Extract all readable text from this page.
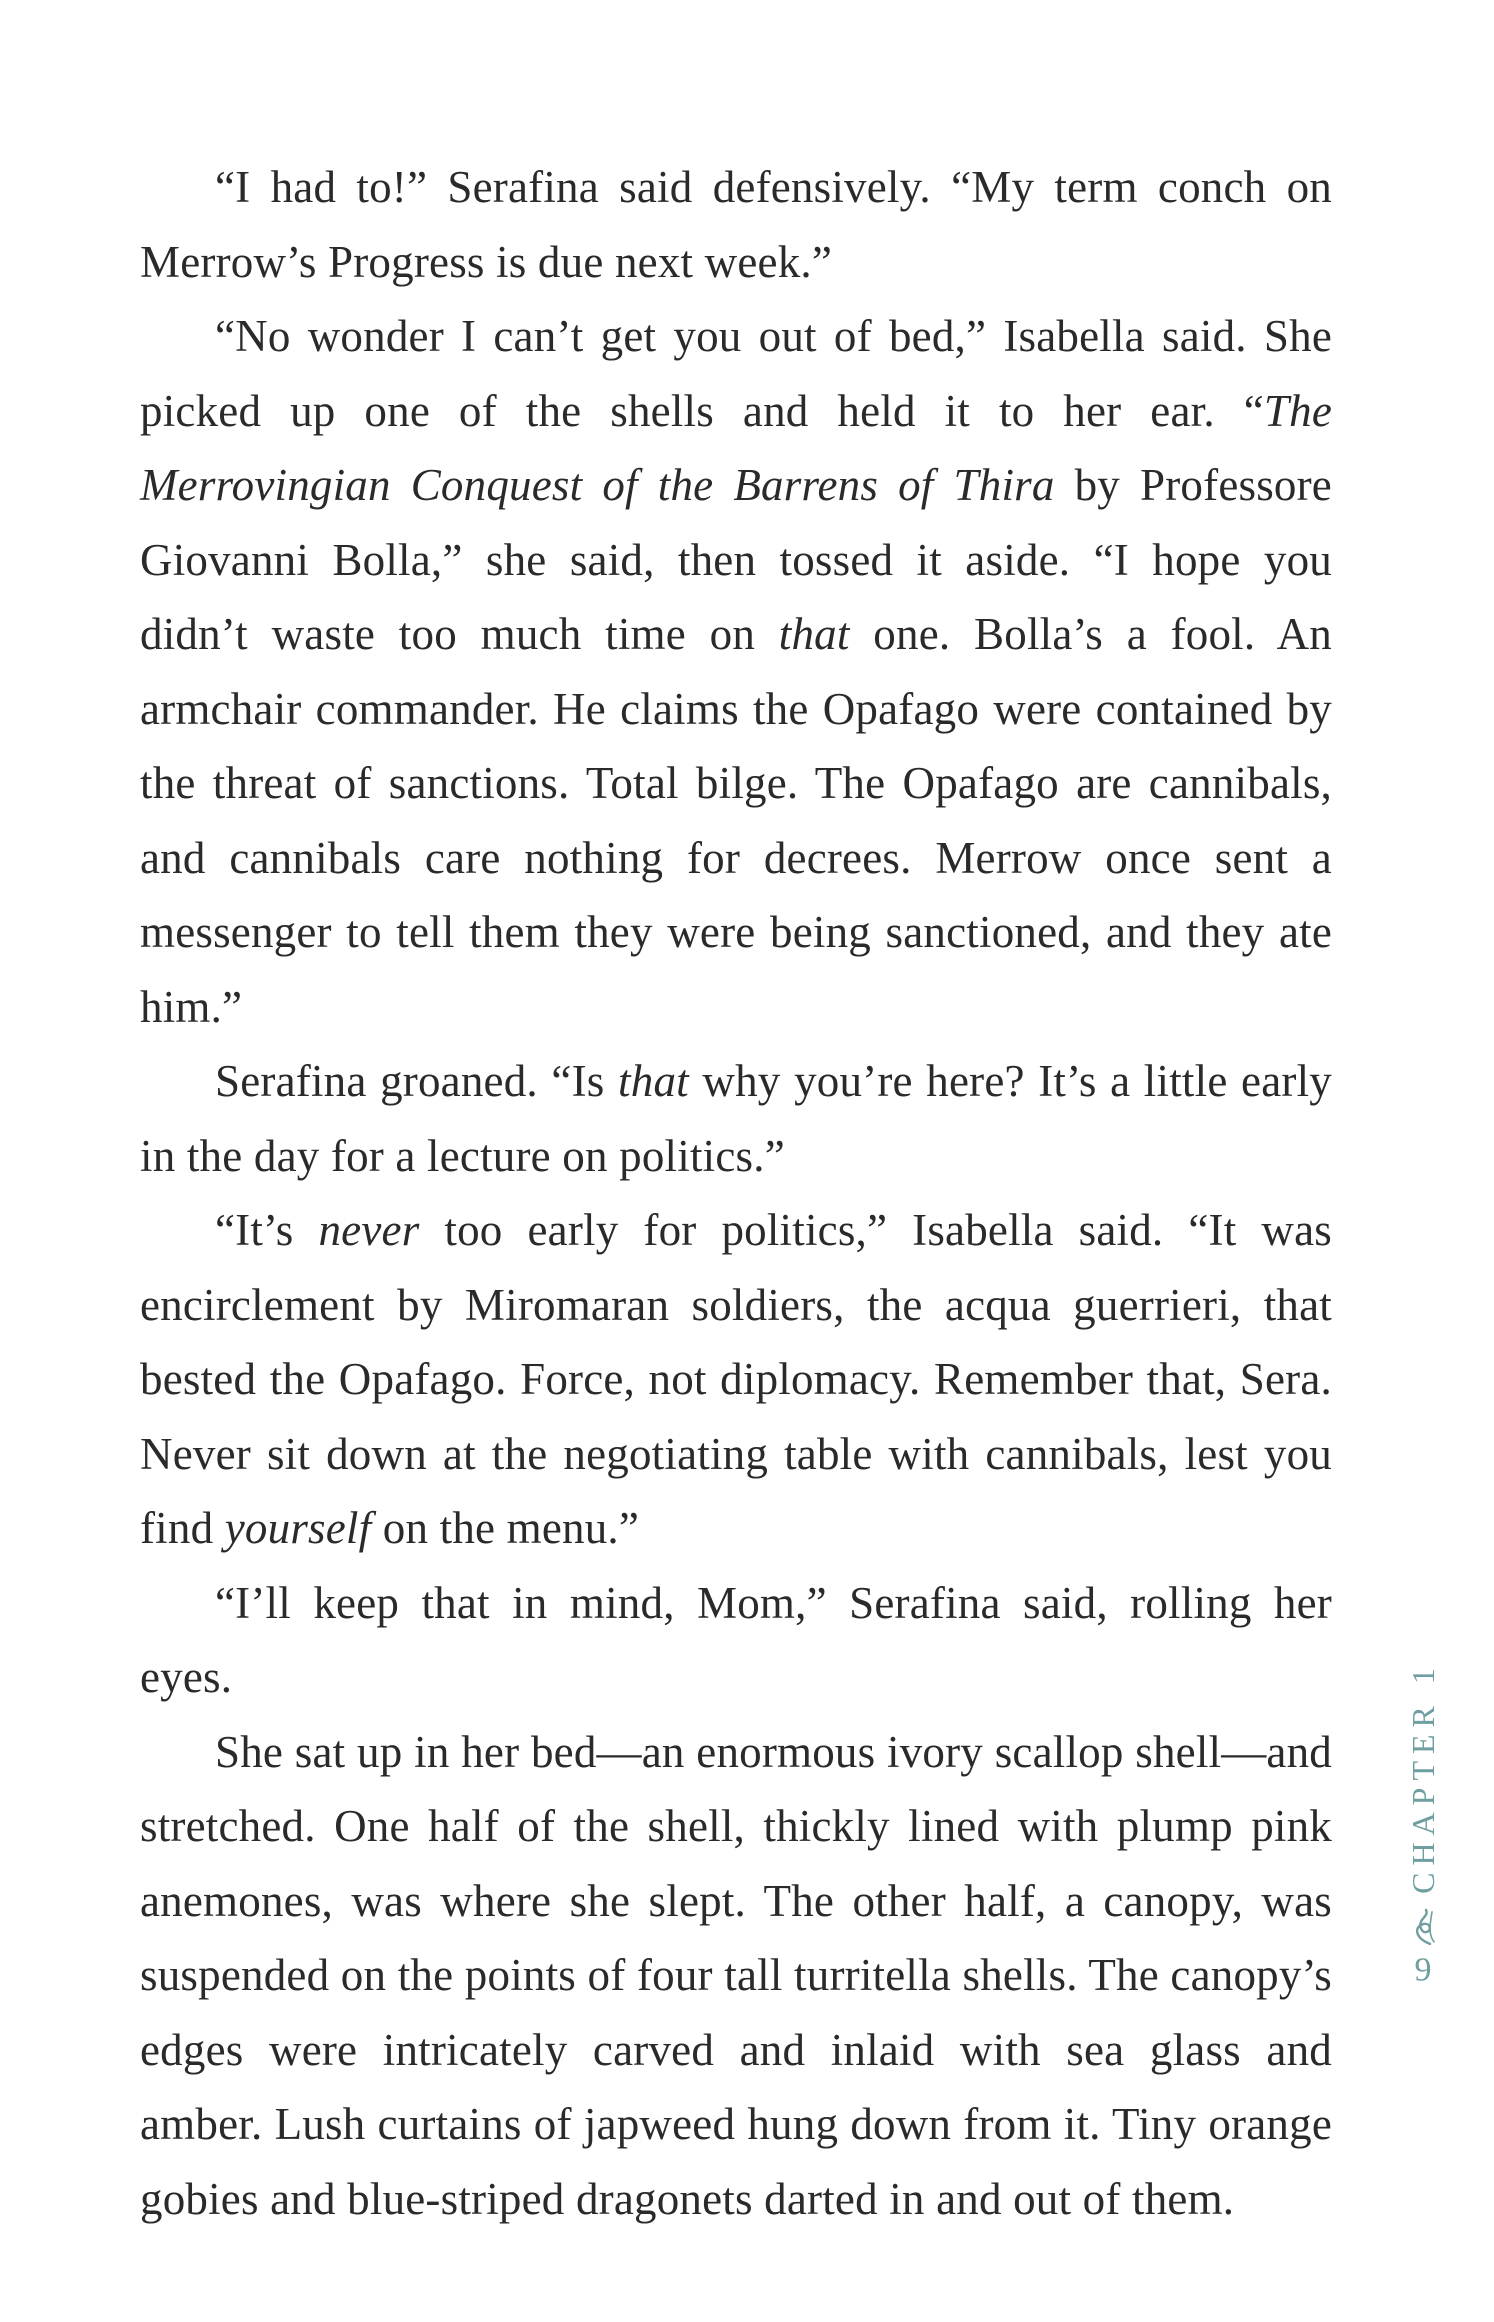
“I had to!” Serafina said defensively. “My term conch on Merrow’s Progress is due next week.”

“No wonder I can’t get you out of bed,” Isabella said. She picked up one of the shells and held it to her ear. “The Merrovingian Conquest of the Barrens of Thira by Professore Giovanni Bolla,” she said, then tossed it aside. “I hope you didn’t waste too much time on that one. Bolla’s a fool. An armchair commander. He claims the Opafago were contained by the threat of sanctions. Total bilge. The Opafago are cannibals, and cannibals care nothing for decrees. Merrow once sent a messenger to tell them they were being sanctioned, and they ate him.”

Serafina groaned. “Is that why you’re here? It’s a little early in the day for a lecture on politics.”

“It’s never too early for politics,” Isabella said. “It was encirclement by Miromaran soldiers, the acqua guerrieri, that bested the Opafago. Force, not diplomacy. Remember that, Sera. Never sit down at the negotiating table with cannibals, lest you find yourself on the menu.”

“I’ll keep that in mind, Mom,” Serafina said, rolling her eyes.

She sat up in her bed—an enormous ivory scallop shell—and stretched. One half of the shell, thickly lined with plump pink anemones, was where she slept. The other half, a canopy, was suspended on the points of four tall turritella shells. The canopy’s edges were intricately carved and inlaid with sea glass and amber. Lush curtains of japweed hung down from it. Tiny orange gobies and blue-striped dragonets darted in and out of them.

9
CHAPTER 1
